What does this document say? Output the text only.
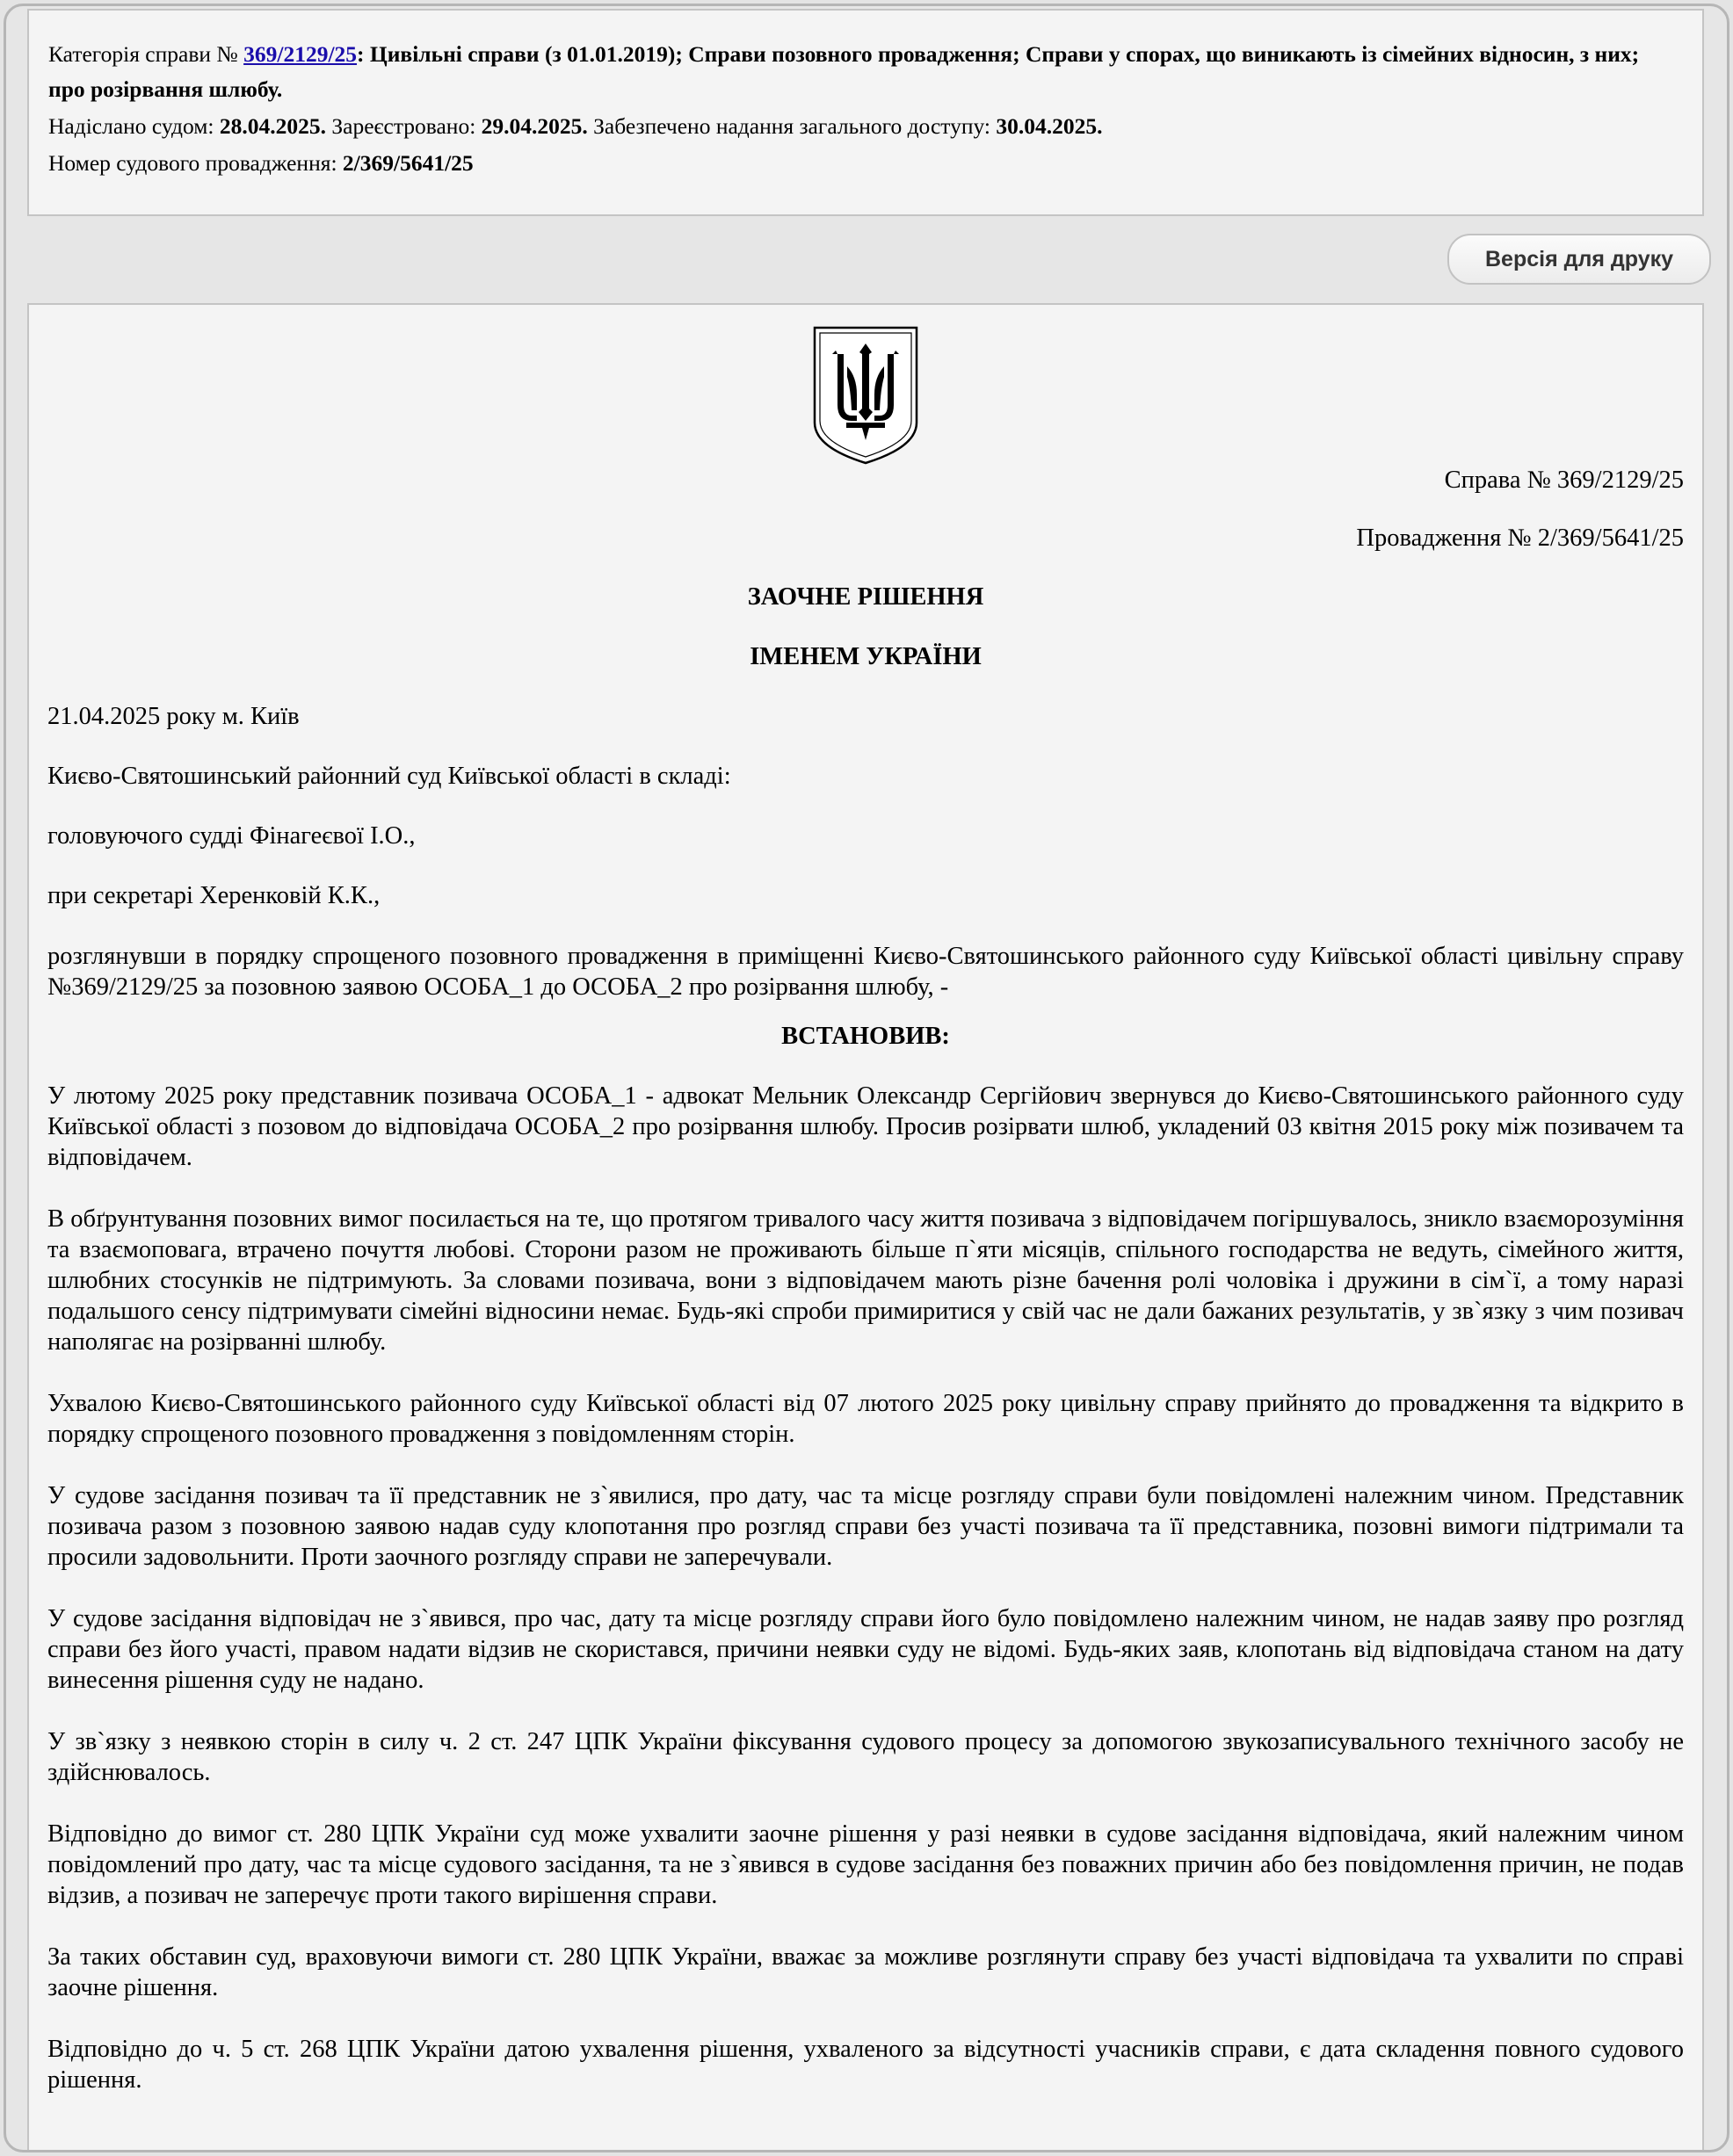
Категорія справи № 369/2129/25: Цивільні справи (з 01.01.2019); Справи позовного провадження; Справи у спорах, що виникають із сімейних відносин, з них; про розірвання шлюбу.
Надіслано судом: 28.04.2025. Зареєстровано: 29.04.2025. Забезпечено надання загального доступу: 30.04.2025.
Номер судового провадження: 2/369/5641/25
Версія для друку

Справа № 369/2129/25

Провадження № 2/369/5641/25

ЗАОЧНЕ РІШЕННЯ

ІМЕНЕМ УКРАЇНИ

21.04.2025 року м. Київ

Києво-Святошинський районний суд Київської області в складі:

головуючого судді Фінагеєвої І.О.,

при секретарі Херенковій К.К.,

розглянувши в порядку спрощеного позовного провадження в приміщенні Києво-Святошинського районного суду Київської області цивільну справу №369/2129/25 за позовною заявою ОСОБА_1 до ОСОБА_2 про розірвання шлюбу, -

ВСТАНОВИВ:

У лютому 2025 року представник позивача ОСОБА_1 - адвокат Мельник Олександр Сергійович звернувся до Києво-Святошинського районного суду Київської області з позовом до відповідача ОСОБА_2 про розірвання шлюбу. Просив розірвати шлюб, укладений 03 квітня 2015 року між позивачем та відповідачем.

В обґрунтування позовних вимог посилається на те, що протягом тривалого часу життя позивача з відповідачем погіршувалось, зникло взаєморозуміння та взаємоповага, втрачено почуття любові. Сторони разом не проживають більше п`яти місяців, спільного господарства не ведуть, сімейного життя, шлюбних стосунків не підтримують. За словами позивача, вони з відповідачем мають різне бачення ролі чоловіка і дружини в сім`ї, а тому наразі подальшого сенсу підтримувати сімейні відносини немає. Будь-які спроби примиритися у свій час не дали бажаних результатів, у зв`язку з чим позивач наполягає на розірванні шлюбу.

Ухвалою Києво-Святошинського районного суду Київської області від 07 лютого 2025 року цивільну справу прийнято до провадження та відкрито в порядку спрощеного позовного провадження з повідомленням сторін.

У судове засідання позивач та її представник не з`явилися, про дату, час та місце розгляду справи були повідомлені належним чином. Представник позивача разом з позовною заявою надав суду клопотання про розгляд справи без участі позивача та її представника, позовні вимоги підтримали та просили задовольнити. Проти заочного розгляду справи не заперечували.

У судове засідання відповідач не з`явився, про час, дату та місце розгляду справи його було повідомлено належним чином, не надав заяву про розгляд справи без його участі, правом надати відзив не скористався, причини неявки суду не відомі. Будь-яких заяв, клопотань від відповідача станом на дату винесення рішення суду не надано.

У зв`язку з неявкою сторін в силу ч. 2 ст. 247 ЦПК України фіксування судового процесу за допомогою звукозаписувального технічного засобу не здійснювалось.

Відповідно до вимог ст. 280 ЦПК України суд може ухвалити заочне рішення у разі неявки в судове засідання відповідача, який належним чином повідомлений про дату, час та місце судового засідання, та не з`явився в судове засідання без поважних причин або без повідомлення причин, не подав відзив, а позивач не заперечує проти такого вирішення справи.

За таких обставин суд, враховуючи вимоги ст. 280 ЦПК України, вважає за можливе розглянути справу без участі відповідача та ухвалити по справі заочне рішення.

Відповідно до ч. 5 ст. 268 ЦПК України датою ухвалення рішення, ухваленого за відсутності учасників справи, є дата складення повного судового рішення.
